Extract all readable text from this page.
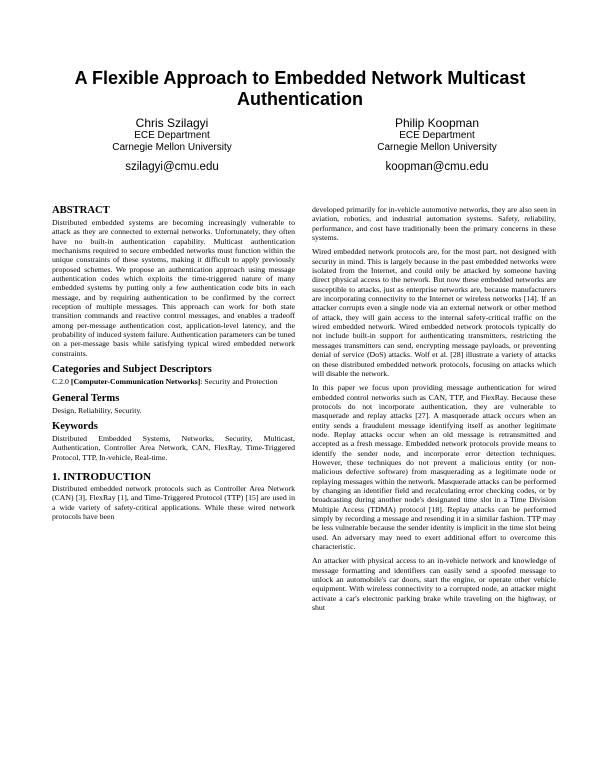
A Flexible Approach to Embedded Network Multicast Authentication
Chris Szilagyi
ECE Department
Carnegie Mellon University
szilagyi@cmu.edu
Philip Koopman
ECE Department
Carnegie Mellon University
koopman@cmu.edu
ABSTRACT

Distributed embedded systems are becoming increasingly vulnerable to attack as they are connected to external networks. Unfortunately, they often have no built-in authentication capability. Multicast authentication mechanisms required to secure embedded networks must function within the unique constraints of these systems, making it difficult to apply previously proposed schemes. We propose an authentication approach using message authentication codes which exploits the time-triggered nature of many embedded systems by putting only a few authentication code bits in each message, and by requiring authentication to be confirmed by the correct reception of multiple messages. This approach can work for both state transition commands and reactive control messages, and enables a tradeoff among per-message authentication cost, application-level latency, and the probability of induced system failure. Authentication parameters can be tuned on a per-message basis while satisfying typical wired embedded network constraints.

Categories and Subject Descriptors

C.2.0 [Computer-Communication Networks]: Security and Protection

General Terms

Design, Reliability, Security.

Keywords

Distributed Embedded Systems, Networks, Security, Multicast, Authentication, Controller Area Network, CAN, FlexRay, Time-Triggered Protocol, TTP, In-vehicle, Real-time.

1. INTRODUCTION

Distributed embedded network protocols such as Controller Area Network (CAN) [3], FlexRay [1], and Time-Triggered Protocol (TTP) [15] are used in a wide variety of safety-critical applications. While these wired network protocols have been

developed primarily for in-vehicle automotive networks, they are also seen in aviation, robotics, and industrial automation systems. Safety, reliability, performance, and cost have traditionally been the primary concerns in these systems.

Wired embedded network protocols are, for the most part, not designed with security in mind. This is largely because in the past embedded networks were isolated from the Internet, and could only be attacked by someone having direct physical access to the network. But now these embedded networks are susceptible to attacks, just as enterprise networks are, because manufacturers are incorporating connectivity to the Internet or wireless networks [14]. If an attacker corrupts even a single node via an external network or other method of attack, they will gain access to the internal safety-critical traffic on the wired embedded network. Wired embedded network protocols typically do not include built-in support for authenticating transmitters, restricting the messages transmitters can send, encrypting message payloads, or preventing denial of service (DoS) attacks. Wolf et al. [28] illustrate a variety of attacks on these distributed embedded network protocols, focusing on attacks which will disable the network.

In this paper we focus upon providing message authentication for wired embedded control networks such as CAN, TTP, and FlexRay. Because these protocols do not incorporate authentication, they are vulnerable to masquerade and replay attacks [27]. A masquerade attack occurs when an entity sends a fraudulent message identifying itself as another legitimate node. Replay attacks occur when an old message is retransmitted and accepted as a fresh message. Embedded network protocols provide means to identify the sender node, and incorporate error detection techniques. However, these techniques do not prevent a malicious entity (or non-malicious defective software) from masquerading as a legitimate node or replaying messages within the network. Masquerade attacks can be performed by changing an identifier field and recalculating error checking codes, or by broadcasting during another node's designated time slot in a Time Division Multiple Access (TDMA) protocol [18]. Replay attacks can be performed simply by recording a message and resending it in a similar fashion. TTP may be less vulnerable because the sender identity is implicit in the time slot being used. An adversary may need to exert additional effort to overcome this characteristic.

An attacker with physical access to an in-vehicle network and knowledge of message formatting and identifiers can easily send a spoofed message to unlock an automobile's car doors, start the engine, or operate other vehicle equipment. With wireless connectivity to a corrupted node, an attacker might activate a car's electronic parking brake while traveling on the highway, or shut
